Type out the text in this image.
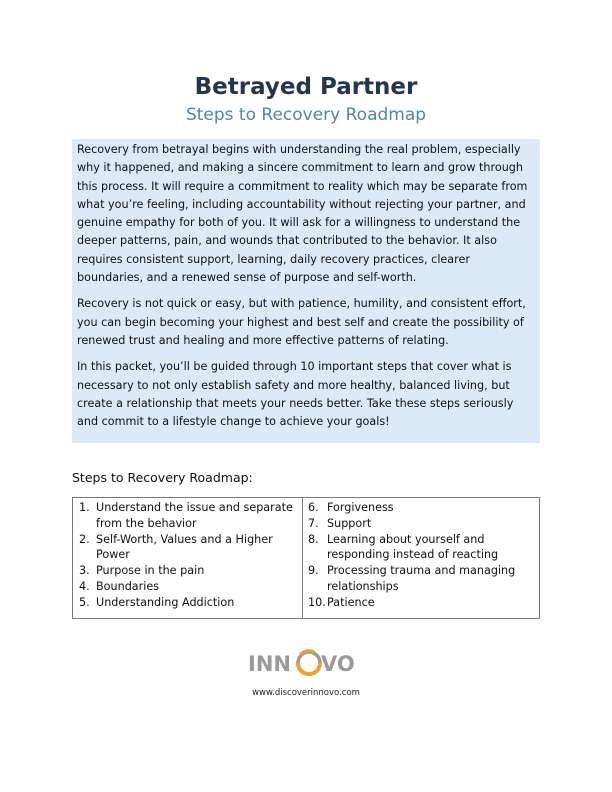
Betrayed Partner
Steps to Recovery Roadmap

Recovery from betrayal begins with understanding the real problem, especially why it happened, and making a sincere commitment to learn and grow through this process. It will require a commitment to reality which may be separate from what you’re feeling, including accountability without rejecting your partner, and genuine empathy for both of you. It will ask for a willingness to understand the deeper patterns, pain, and wounds that contributed to the behavior. It also requires consistent support, learning, daily recovery practices, clearer boundaries, and a renewed sense of purpose and self-worth.

Recovery is not quick or easy, but with patience, humility, and consistent effort, you can begin becoming your highest and best self and create the possibility of renewed trust and healing and more effective patterns of relating.

In this packet, you’ll be guided through 10 important steps that cover what is necessary to not only establish safety and more healthy, balanced living, but create a relationship that meets your needs better. Take these steps seriously and commit to a lifestyle change to achieve your goals!

Steps to Recovery Roadmap:
1. Understand the issue and separate from the behavior
2. Self-Worth, Values and a Higher Power
3. Purpose in the pain
4. Boundaries
5. Understanding Addiction
6. Forgiveness
7. Support
8. Learning about yourself and responding instead of reacting
9. Processing trauma and managing relationships
10. Patience
INN VO
www.discoverinnovo.com
